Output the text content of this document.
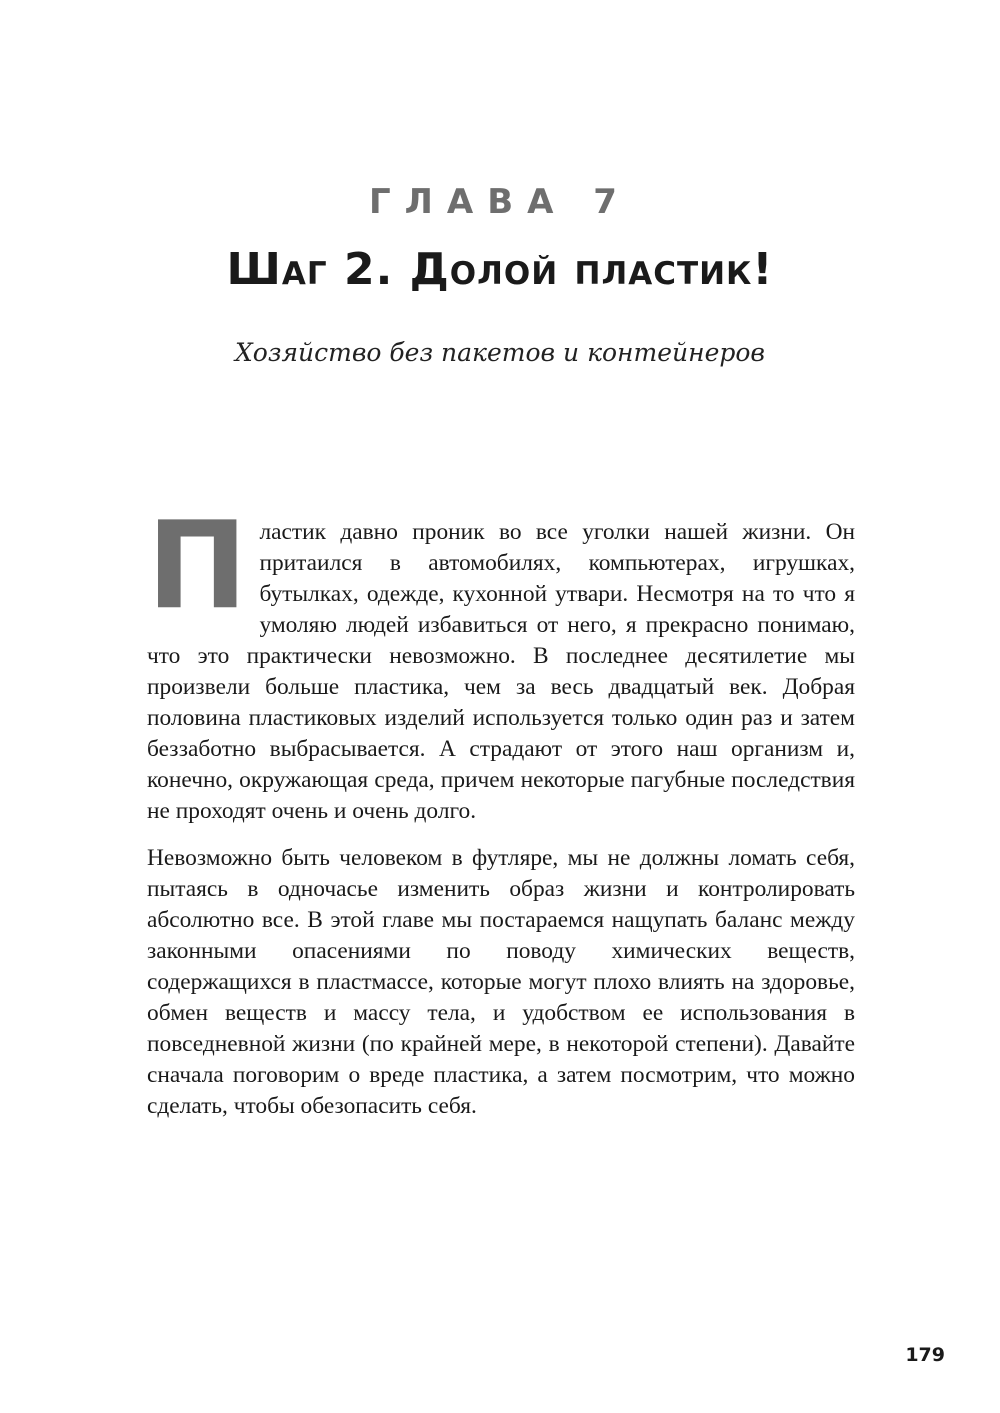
ГЛАВА 7
Шаг 2. Долой пластик!
Хозяйство без пакетов и контейнеров

Пластик давно проник во все уголки нашей жизни. Он притаился в автомобилях, компьютерах, игрушках, бутылках, одежде, кухонной утвари. Несмотря на то что я умоляю людей избавиться от него, я прекрасно понимаю, что это практически невозможно. В последнее десятилетие мы произвели больше пластика, чем за весь двадцатый век. Добрая половина пластиковых изделий используется только один раз и затем беззаботно выбрасывается. А страдают от этого наш организм и, конечно, окружающая среда, причем некоторые пагубные последствия не проходят очень и очень долго.

Невозможно быть человеком в футляре, мы не должны ломать себя, пытаясь в одночасье изменить образ жизни и контролировать абсолютно все. В этой главе мы постараемся нащупать баланс между законными опасениями по поводу химических веществ, содержащихся в пластмассе, которые могут плохо влиять на здоровье, обмен веществ и массу тела, и удобством ее использования в повседневной жизни (по крайней мере, в некоторой степени). Давайте сначала поговорим о вреде пластика, а затем посмотрим, что можно сделать, чтобы обезопасить себя.

179
